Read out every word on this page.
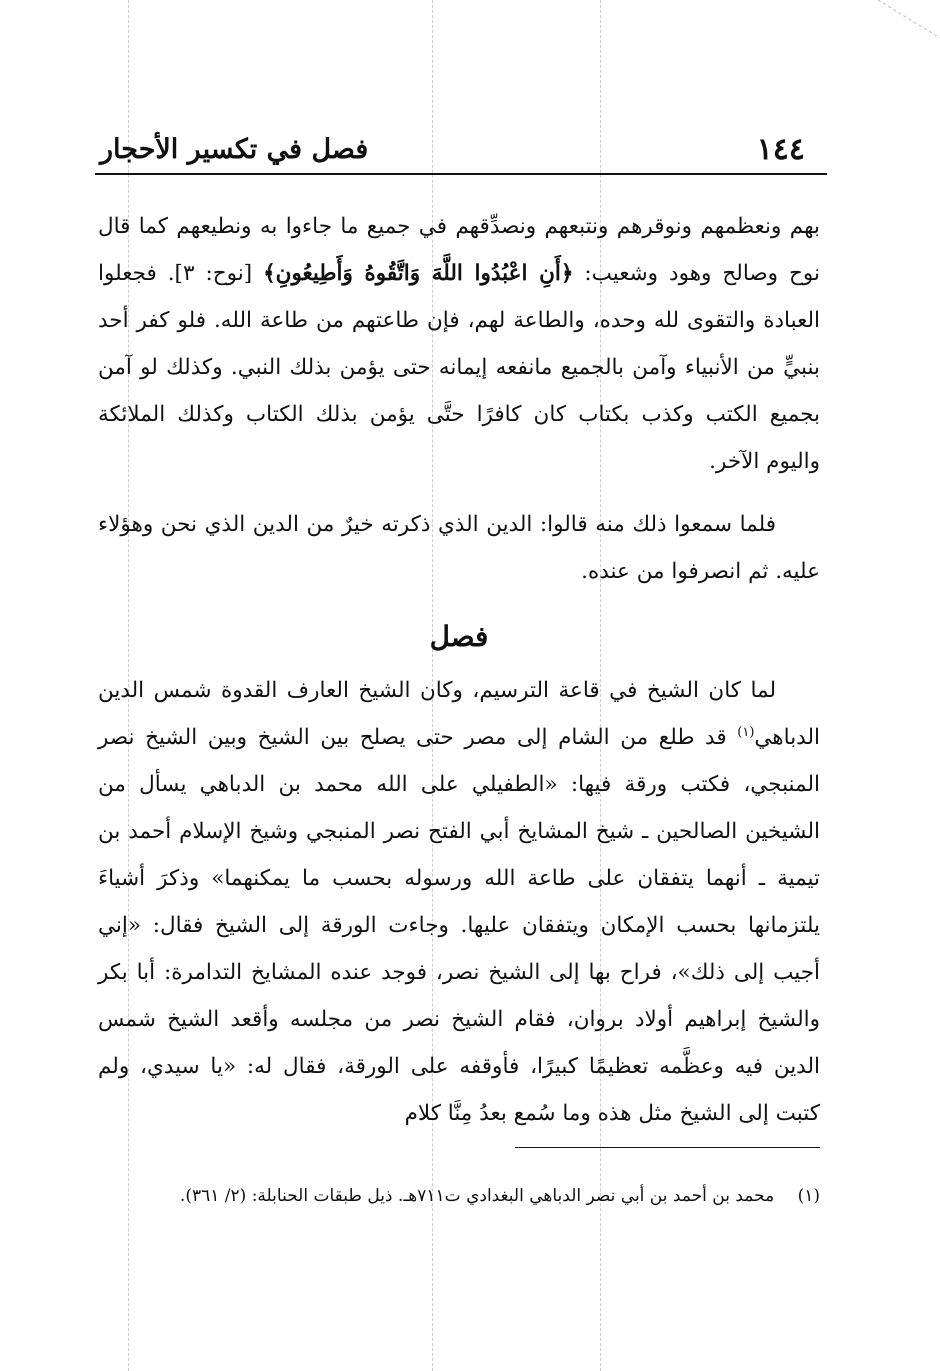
١٤٤
فصل في تكسير الأحجار

بهم ونعظمهم ونوقرهم ونتبعهم ونصدِّقهم في جميع ما جاءوا به ونطيعهم كما قال نوح وصالح وهود وشعيب: ﴿أَنِ اعْبُدُوا اللَّهَ وَاتَّقُوهُ وَأَطِيعُونِ﴾ [نوح: ٣]. فجعلوا العبادة والتقوى لله وحده، والطاعة لهم، فإن طاعتهم من طاعة الله. فلو كفر أحد بنبيٍّ من الأنبياء وآمن بالجميع مانفعه إيمانه حتى يؤمن بذلك النبي. وكذلك لو آمن بجميع الكتب وكذب بكتاب كان كافرًا حتَّى يؤمن بذلك الكتاب وكذلك الملائكة واليوم الآخر.

فلما سمعوا ذلك منه قالوا: الدين الذي ذكرته خيرٌ من الدين الذي نحن وهؤلاء عليه. ثم انصرفوا من عنده.

فصل

لما كان الشيخ في قاعة الترسيم، وكان الشيخ العارف القدوة شمس الدين الدباهي$^{(١)}$ قد طلع من الشام إلى مصر حتى يصلح بين الشيخ وبين الشيخ نصر المنبجي، فكتب ورقة فيها: «الطفيلي على الله محمد بن الدباهي يسأل من الشيخين الصالحين ـ شيخ المشايخ أبي الفتح نصر المنبجي وشيخ الإسلام أحمد بن تيمية ـ أنهما يتفقان على طاعة الله ورسوله بحسب ما يمكنهما» وذكرَ أشياءَ يلتزمانها بحسب الإمكان ويتفقان عليها. وجاءت الورقة إلى الشيخ فقال: «إني أجيب إلى ذلك»، فراح بها إلى الشيخ نصر، فوجد عنده المشايخ التدامرة: أبا بكر والشيخ إبراهيم أولاد بروان، فقام الشيخ نصر من مجلسه وأقعد الشيخ شمس الدين فيه وعظَّمه تعظيمًا كبيرًا، فأوقفه على الورقة، فقال له: «يا سيدي، ولم كتبت إلى الشيخ مثل هذه وما سُمع بعدُ مِنَّا كلام

(١) محمد بن أحمد بن أبي نصر الدباهي البغدادي ت٧١١هـ. ذيل طبقات الحنابلة: (٢/ ٣٦١).
